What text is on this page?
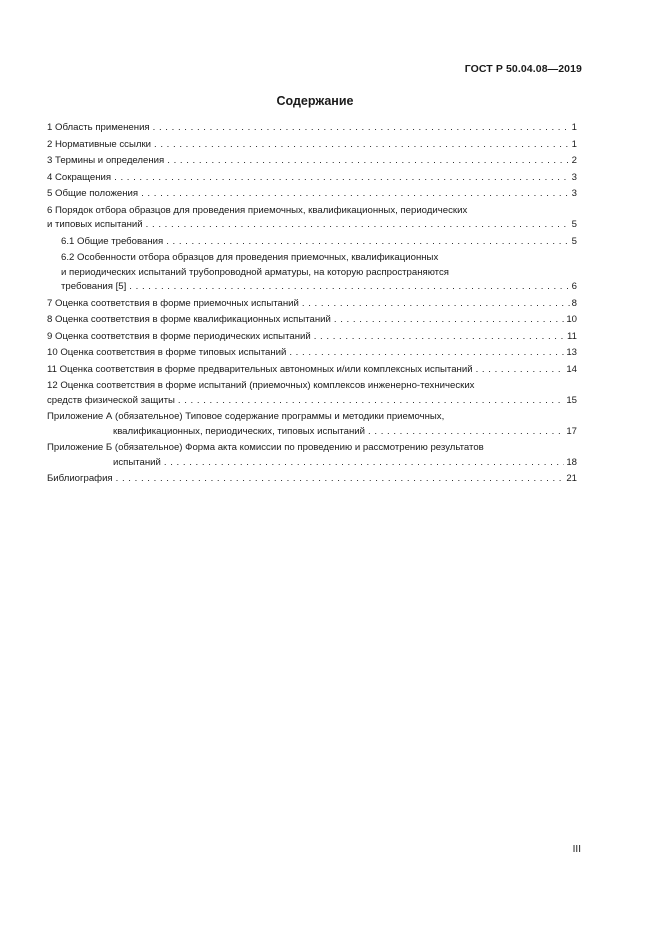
ГОСТ Р 50.04.08—2019
Содержание
1 Область применения . . .	1
2 Нормативные ссылки . . .	1
3 Термины и определения . . .	2
4 Сокращения . . .	3
5 Общие положения . . .	3
6 Порядок отбора образцов для проведения приемочных, квалификационных, периодических
и типовых испытаний . . .	5
6.1 Общие требования . . .	5
6.2 Особенности отбора образцов для проведения приемочных, квалификационных
и периодических испытаний трубопроводной арматуры, на которую распространяются
требования [5] . . .	6
7 Оценка соответствия в форме приемочных испытаний . . .	8
8 Оценка соответствия в форме квалификационных испытаний . . .	10
9 Оценка соответствия в форме периодических испытаний . . .	11
10 Оценка соответствия в форме типовых испытаний . . .	13
11 Оценка соответствия в форме предварительных автономных и/или комплексных испытаний . . .	14
12 Оценка соответствия в форме испытаний (приемочных) комплексов инженерно-технических
средств физической защиты . . .	15
Приложение А (обязательное) Типовое содержание программы и методики приемочных,
квалификационных, периодических, типовых испытаний . . .	17
Приложение Б (обязательное) Форма акта комиссии по проведению и рассмотрению результатов
испытаний . . .	18
Библиография . . .	21
III
